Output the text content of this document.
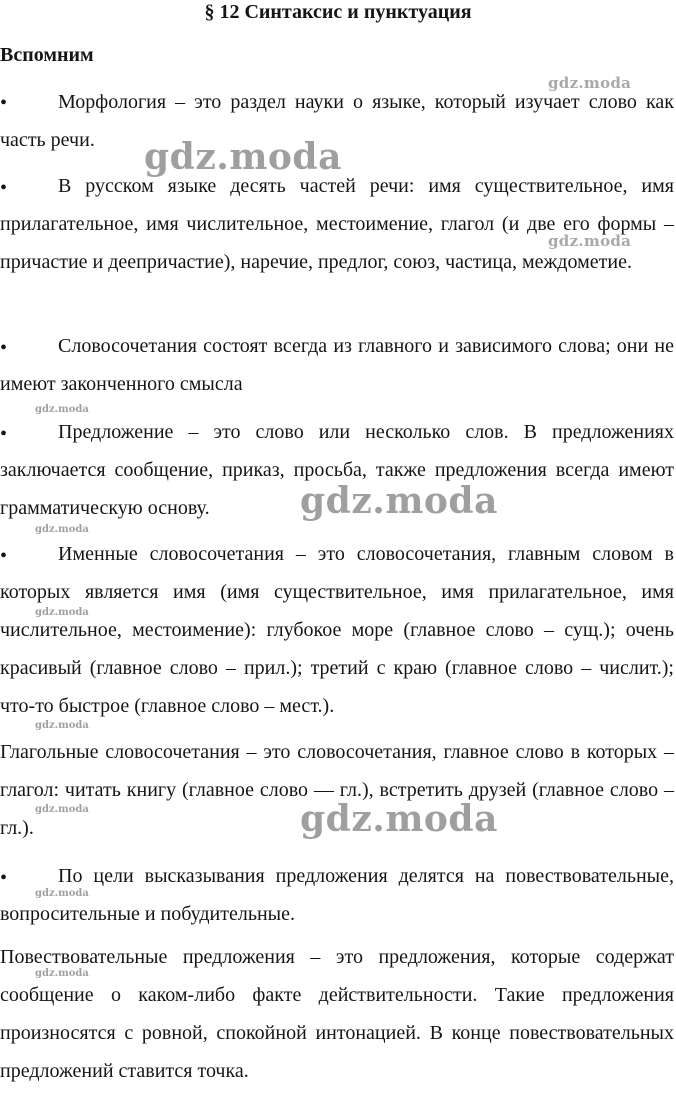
§ 12 Синтаксис и пунктуация
Вспомним
•	Морфология – это раздел науки о языке, который изучает слово как часть речи.
•	В русском языке десять частей речи: имя существительное, имя прилагательное, имя числительное, местоимение, глагол (и две его формы – причастие и деепричастие), наречие, предлог, союз, частица, междометие.
•	Словосочетания состоят всегда из главного и зависимого слова; они не имеют законченного смысла
•	Предложение – это слово или несколько слов. В предложениях заключается сообщение, приказ, просьба, также предложения всегда имеют грамматическую основу.
•	Именные словосочетания – это словосочетания, главным словом в которых является имя (имя существительное, имя прилагательное, имя числительное, местоимение): глубокое море (главное слово – сущ.); очень красивый (главное слово – прил.); третий с краю (главное слово – числит.); что-то быстрое (главное слово – мест.).
Глагольные словосочетания – это словосочетания, главное слово в которых – глагол: читать книгу (главное слово — гл.), встретить друзей (главное слово – гл.).
•	По цели высказывания предложения делятся на повествовательные, вопросительные и побудительные.
Повествовательные предложения – это предложения, которые содержат сообщение о каком-либо факте действительности. Такие предложения произносятся с ровной, спокойной интонацией. В конце повествовательных предложений ставится точка.
gdz.moda
gdz.moda
gdz.moda
gdz.moda
gdz.moda
gdz.moda
gdz.moda
gdz.moda
gdz.moda	gdz.moda
gdz.moda
gdz.moda
